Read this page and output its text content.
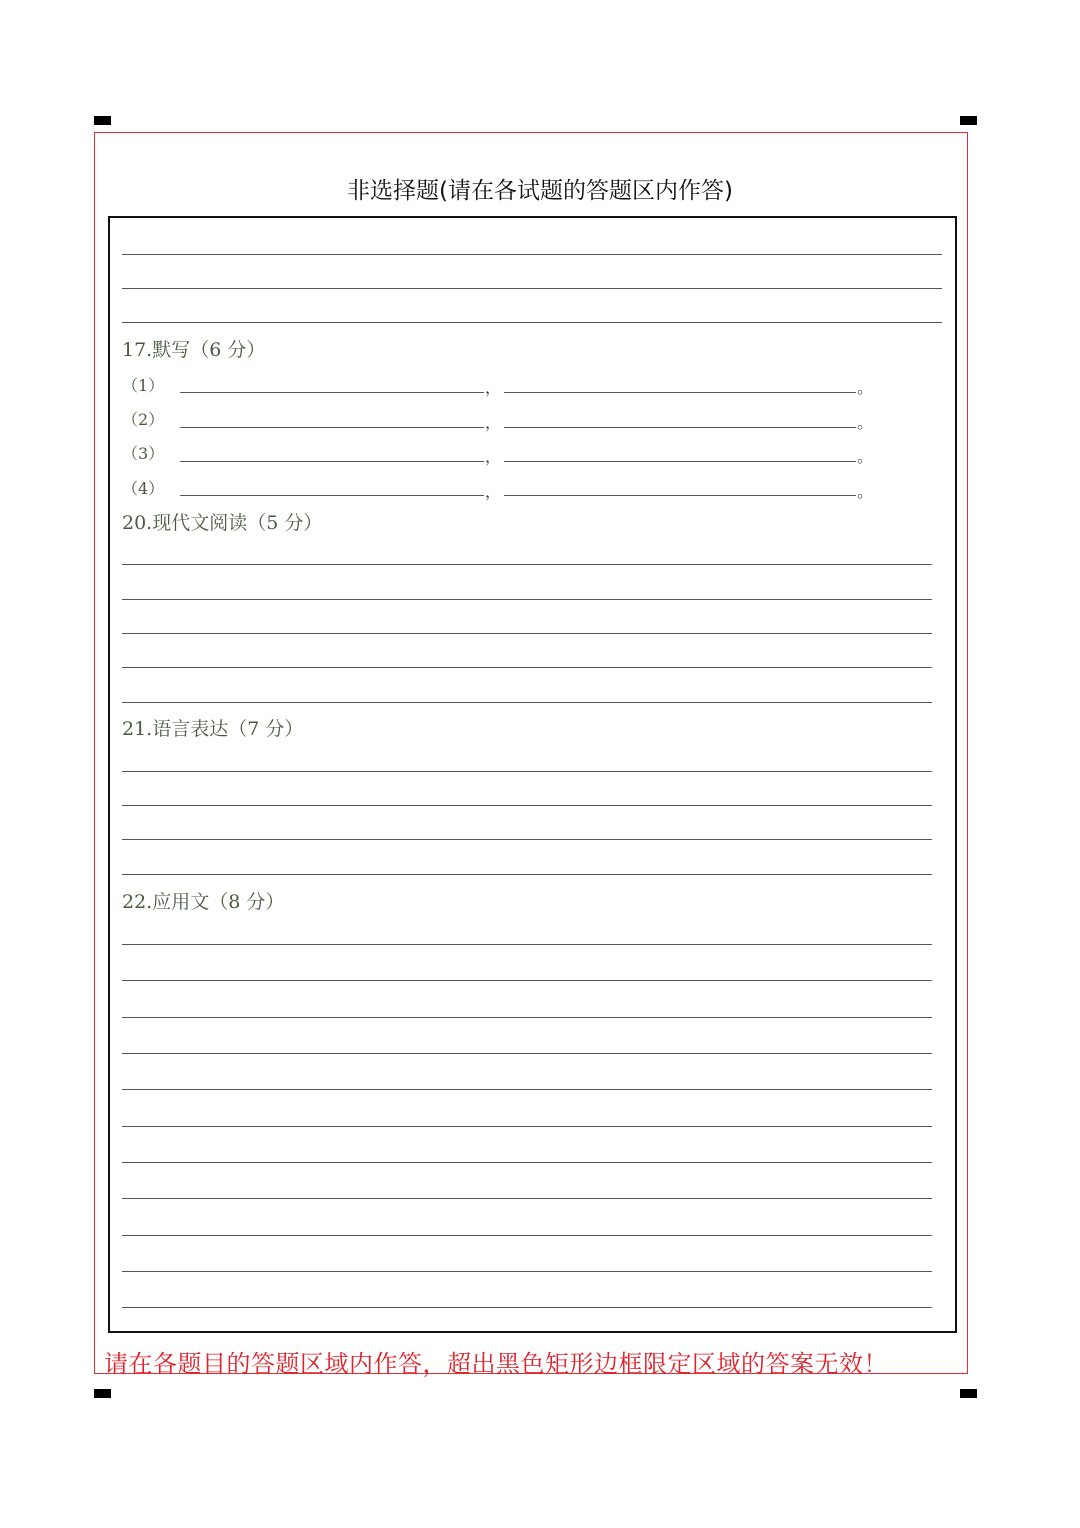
非选择题(请在各试题的答题区内作答)
17.默写（6 分）
（1）	，	。
（2）	，	。
（3）	，	。
（4）	，	。
20.现代文阅读（5 分）
21.语言表达（7 分）
22.应用文（8 分）
请在各题目的答题区域内作答，超出黑色矩形边框限定区域的答案无效！
